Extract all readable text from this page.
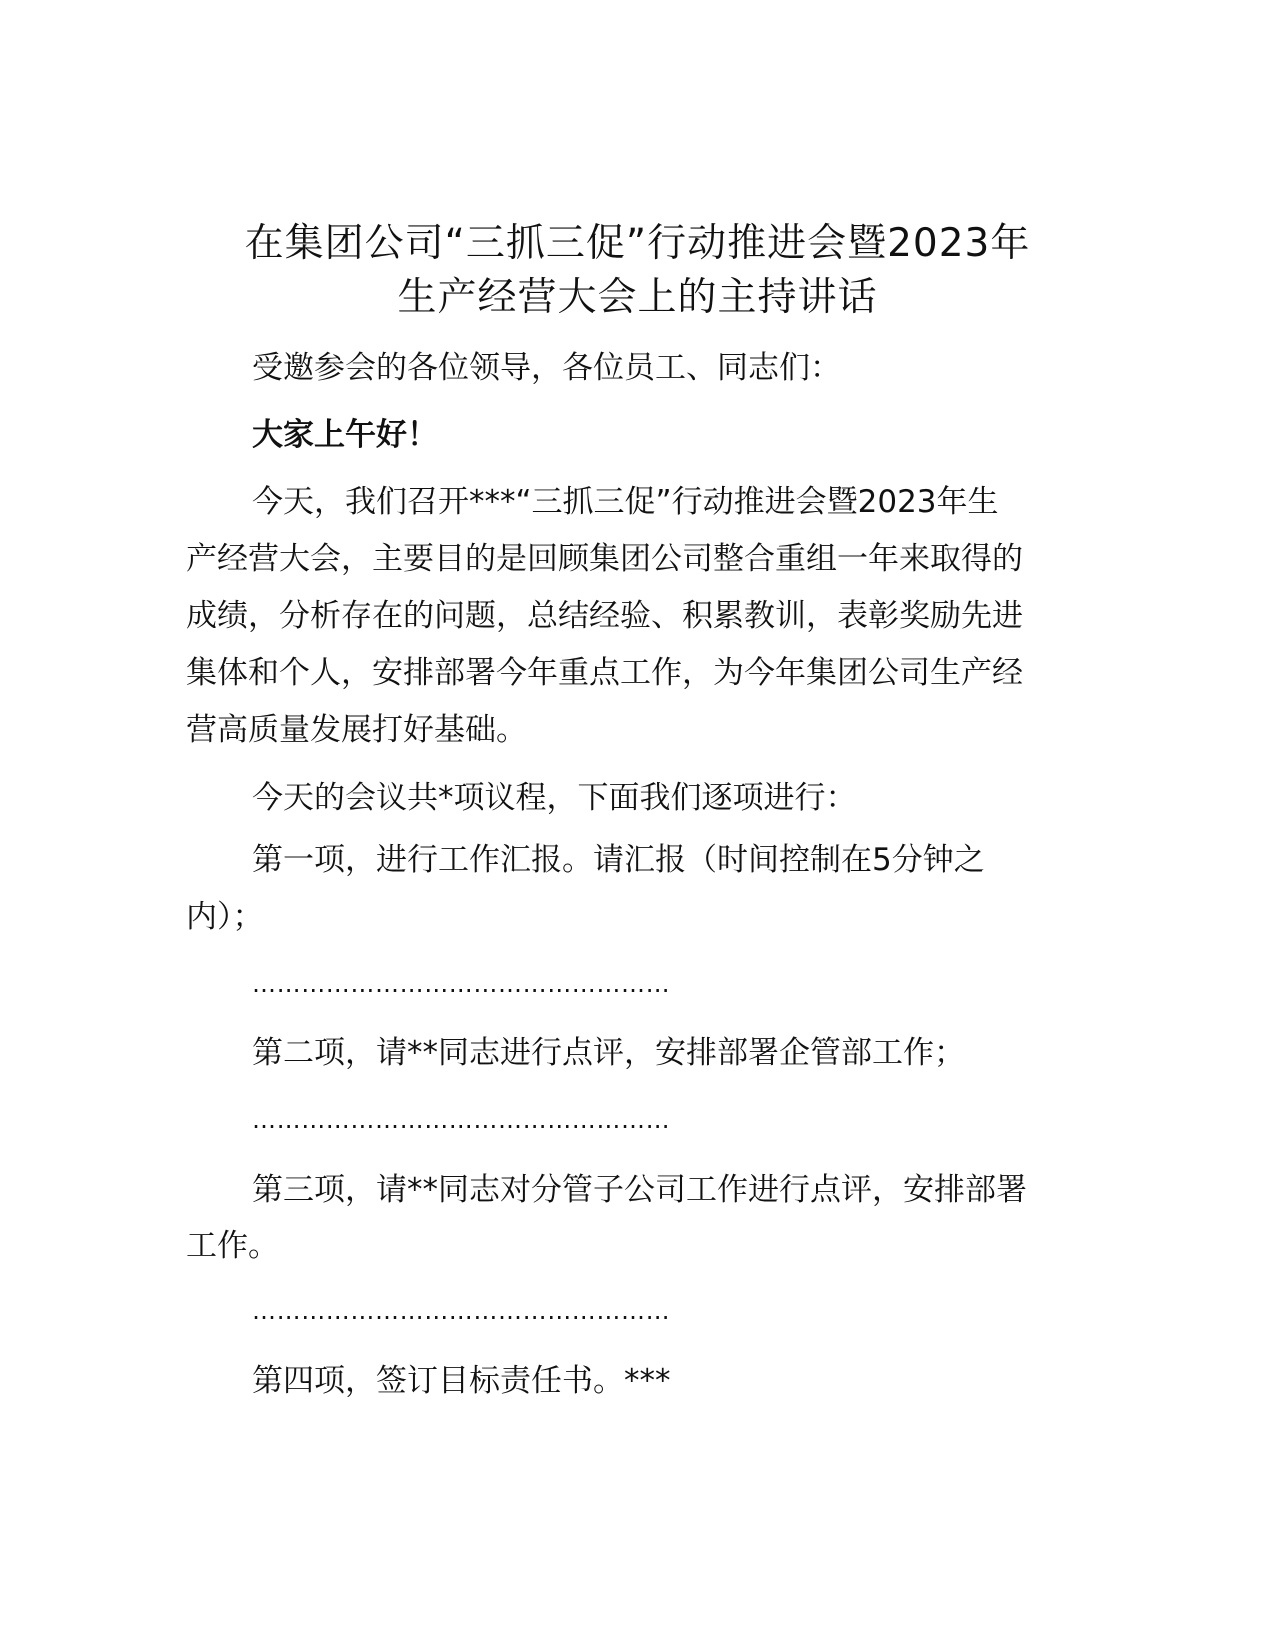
在集团公司“三抓三促”行动推进会暨2023年
生产经营大会上的主持讲话
受邀参会的各位领导，各位员工、同志们：
大家上午好！
今天，我们召开***“三抓三促”行动推进会暨2023年生
产经营大会，主要目的是回顾集团公司整合重组一年来取得的
成绩，分析存在的问题，总结经验、积累教训，表彰奖励先进
集体和个人，安排部署今年重点工作，为今年集团公司生产经
营高质量发展打好基础。
今天的会议共*项议程，下面我们逐项进行：
第一项，进行工作汇报。请汇报（时间控制在5分钟之
内）；
……………………………………………
第二项，请**同志进行点评，安排部署企管部工作；
……………………………………………
第三项，请**同志对分管子公司工作进行点评，安排部署
工作。
……………………………………………
第四项，签订目标责任书。***
